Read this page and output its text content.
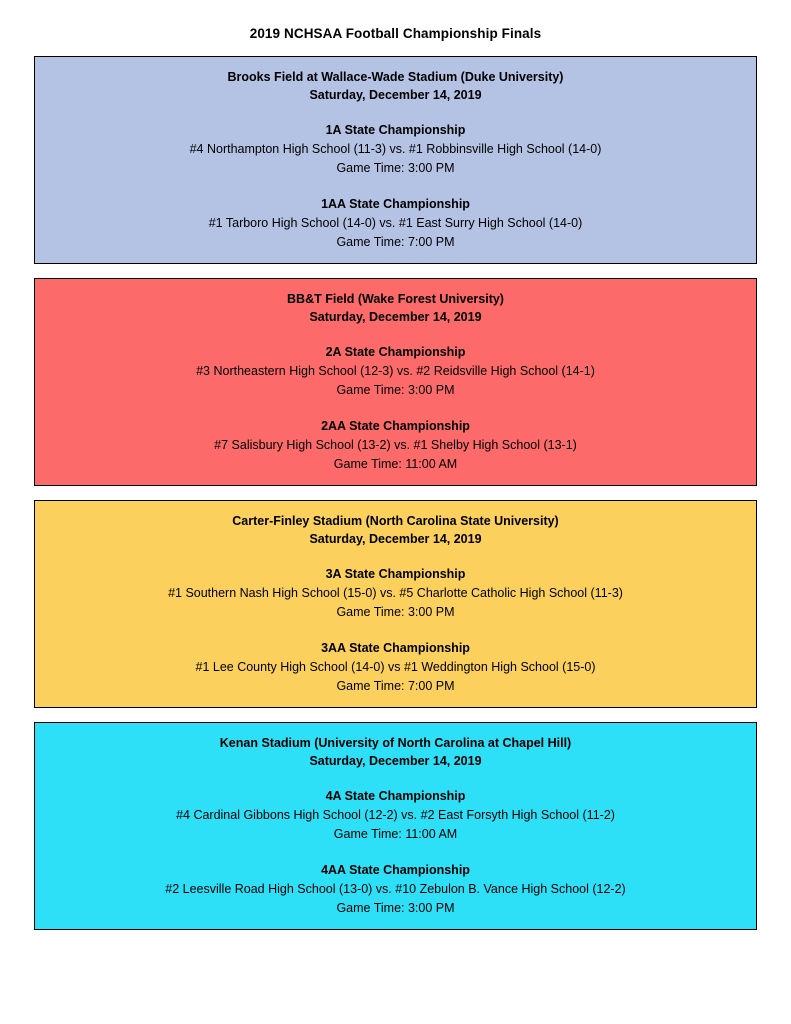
2019 NCHSAA Football Championship Finals
Brooks Field at Wallace-Wade Stadium (Duke University)
Saturday, December 14, 2019
1A State Championship
#4 Northampton High School (11-3) vs. #1 Robbinsville High School (14-0)
Game Time: 3:00 PM
1AA State Championship
#1 Tarboro High School (14-0) vs. #1 East Surry High School (14-0)
Game Time: 7:00 PM
BB&T Field (Wake Forest University)
Saturday, December 14, 2019
2A State Championship
#3 Northeastern High School (12-3) vs. #2 Reidsville High School (14-1)
Game Time: 3:00 PM
2AA State Championship
#7 Salisbury High School (13-2) vs. #1 Shelby High School (13-1)
Game Time: 11:00 AM
Carter-Finley Stadium (North Carolina State University)
Saturday, December 14, 2019
3A State Championship
#1 Southern Nash High School (15-0) vs. #5 Charlotte Catholic High School (11-3)
Game Time: 3:00 PM
3AA State Championship
#1 Lee County High School (14-0) vs #1 Weddington High School (15-0)
Game Time: 7:00 PM
Kenan Stadium (University of North Carolina at Chapel Hill)
Saturday, December 14, 2019
4A State Championship
#4 Cardinal Gibbons High School (12-2) vs. #2 East Forsyth High School (11-2)
Game Time: 11:00 AM
4AA State Championship
#2 Leesville Road High School (13-0) vs. #10 Zebulon B. Vance High School (12-2)
Game Time: 3:00 PM
